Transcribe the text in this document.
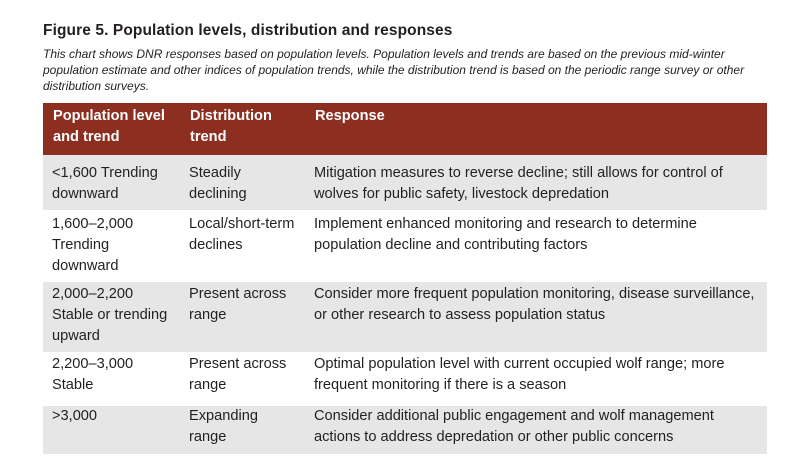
Figure 5. Population levels, distribution and responses

This chart shows DNR responses based on population levels. Population levels and trends are based on the previous mid-winter population estimate and other indices of population trends, while the distribution trend is based on the periodic range survey or other distribution surveys.

Population level and trend	Distribution trend	Response
<1,600 Trending downward	Steadily declining	Mitigation measures to reverse decline; still allows for control of wolves for public safety, livestock depredation
1,600–2,000 Trending downward	Local/short-term declines	Implement enhanced monitoring and research to determine population decline and contributing factors
2,000–2,200 Stable or trending upward	Present across range	Consider more frequent population monitoring, disease surveillance, or other research to assess population status
2,200–3,000 Stable	Present across range	Optimal population level with current occupied wolf range; more frequent monitoring if there is a season
>3,000	Expanding range	Consider additional public engagement and wolf management actions to address depredation or other public concerns
